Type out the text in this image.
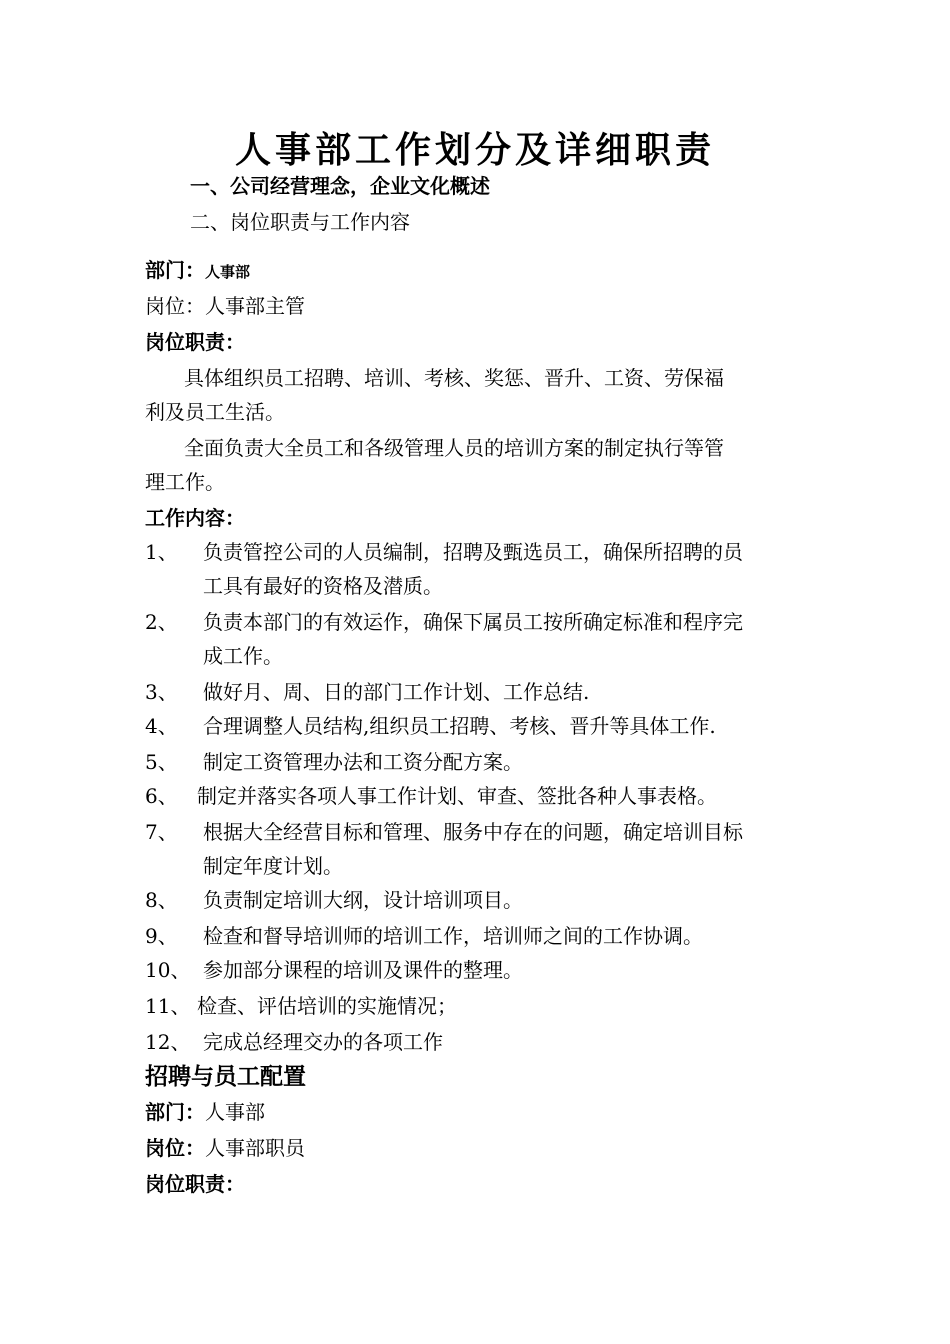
人事部工作划分及详细职责
一、公司经营理念，企业文化概述
二、岗位职责与工作内容
部门：人事部
岗位：人事部主管
岗位职责：
具体组织员工招聘、培训、考核、奖惩、晋升、工资、劳保福
利及员工生活。
全面负责大全员工和各级管理人员的培训方案的制定执行等管
理工作。
工作内容：
1、 负责管控公司的人员编制，招聘及甄选员工，确保所招聘的员
工具有最好的资格及潜质。
2、 负责本部门的有效运作，确保下属员工按所确定标准和程序完
成工作。
3、 做好月、周、日的部门工作计划、工作总结.
4、 合理调整人员结构,组织员工招聘、考核、晋升等具体工作.
5、 制定工资管理办法和工资分配方案。
6、 制定并落实各项人事工作计划、审查、签批各种人事表格。
7、 根据大全经营目标和管理、服务中存在的问题，确定培训目标
制定年度计划。
8、 负责制定培训大纲，设计培训项目。
9、 检查和督导培训师的培训工作，培训师之间的工作协调。
10、 参加部分课程的培训及课件的整理。
11、 检查、评估培训的实施情况；
12、 完成总经理交办的各项工作
招聘与员工配置
部门：人事部
岗位：人事部职员
岗位职责：
